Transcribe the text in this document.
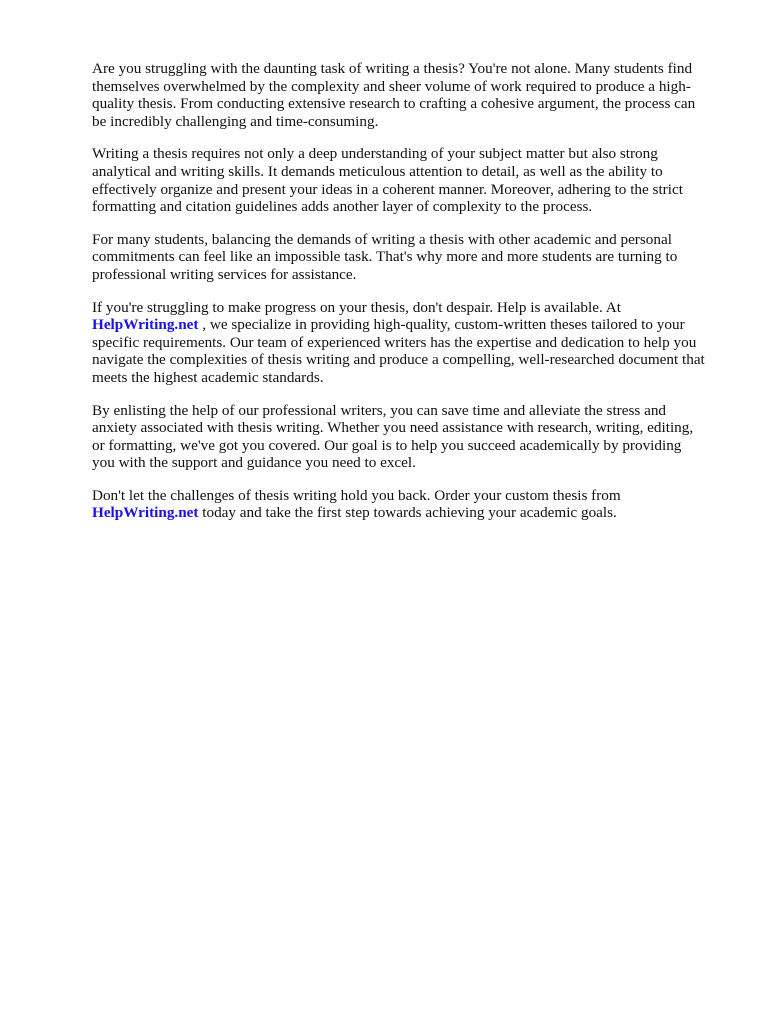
Are you struggling with the daunting task of writing a thesis? You're not alone. Many students find
themselves overwhelmed by the complexity and sheer volume of work required to produce a high-
quality thesis. From conducting extensive research to crafting a cohesive argument, the process can
be incredibly challenging and time-consuming.

Writing a thesis requires not only a deep understanding of your subject matter but also strong
analytical and writing skills. It demands meticulous attention to detail, as well as the ability to
effectively organize and present your ideas in a coherent manner. Moreover, adhering to the strict
formatting and citation guidelines adds another layer of complexity to the process.

For many students, balancing the demands of writing a thesis with other academic and personal
commitments can feel like an impossible task. That's why more and more students are turning to
professional writing services for assistance.

If you're struggling to make progress on your thesis, don't despair. Help is available. At
HelpWriting.net , we specialize in providing high-quality, custom-written theses tailored to your
specific requirements. Our team of experienced writers has the expertise and dedication to help you
navigate the complexities of thesis writing and produce a compelling, well-researched document that
meets the highest academic standards.

By enlisting the help of our professional writers, you can save time and alleviate the stress and
anxiety associated with thesis writing. Whether you need assistance with research, writing, editing,
or formatting, we've got you covered. Our goal is to help you succeed academically by providing
you with the support and guidance you need to excel.

Don't let the challenges of thesis writing hold you back. Order your custom thesis from
HelpWriting.net today and take the first step towards achieving your academic goals.
